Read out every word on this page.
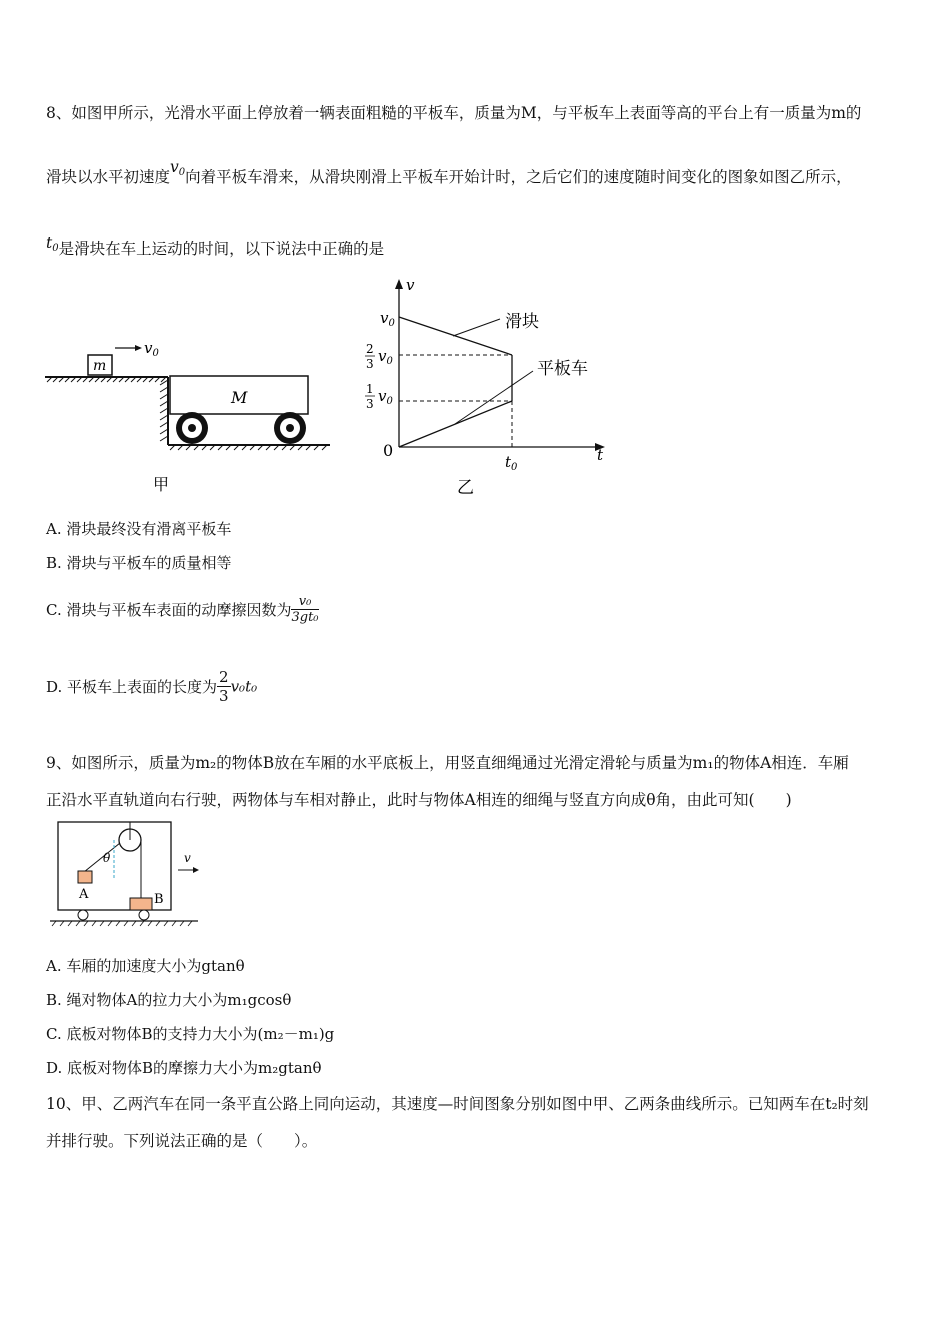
8、如图甲所示，光滑水平面上停放着一辆表面粗糙的平板车，质量为M，与平板车上表面等高的平台上有一质量为m的
滑块以水平初速度$v_0$向着平板车滑来，从滑块刚滑上平板车开始计时，之后它们的速度随时间变化的图象如图乙所示，
$t_0$是滑块在车上运动的时间，以下说法中正确的是
m
$v_0$
M
甲
v
t
0
$v_0$
2
3 $v_0$
1
3 $v_0$
$t_0$
滑块
平板车
乙
A. 滑块最终没有滑离平板车
B. 滑块与平板车的质量相等
C. 滑块与平板车表面的动摩擦因数为 $\frac{\text{v₀}}{\text{3gt₀}}$
D. 平板车上表面的长度为 $\frac{2}{3} v_0t_0$
9、如图所示，质量为m₂的物体B放在车厢的水平底板上，用竖直细绳通过光滑定滑轮与质量为m₁的物体A相连．车厢
正沿水平直轨道向右行驶，两物体与车相对静止，此时与物体A相连的细绳与竖直方向成θ角，由此可知(　　)
θ
A	B
v
A. 车厢的加速度大小为gtanθ
B. 绳对物体A的拉力大小为m₁gcosθ
C. 底板对物体B的支持力大小为(m₂－m₁)g
D. 底板对物体B的摩擦力大小为m₂gtanθ
10、甲、乙两汽车在同一条平直公路上同向运动，其速度—时间图象分别如图中甲、乙两条曲线所示。已知两车在t₂时刻
并排行驶。下列说法正确的是（　　）。
